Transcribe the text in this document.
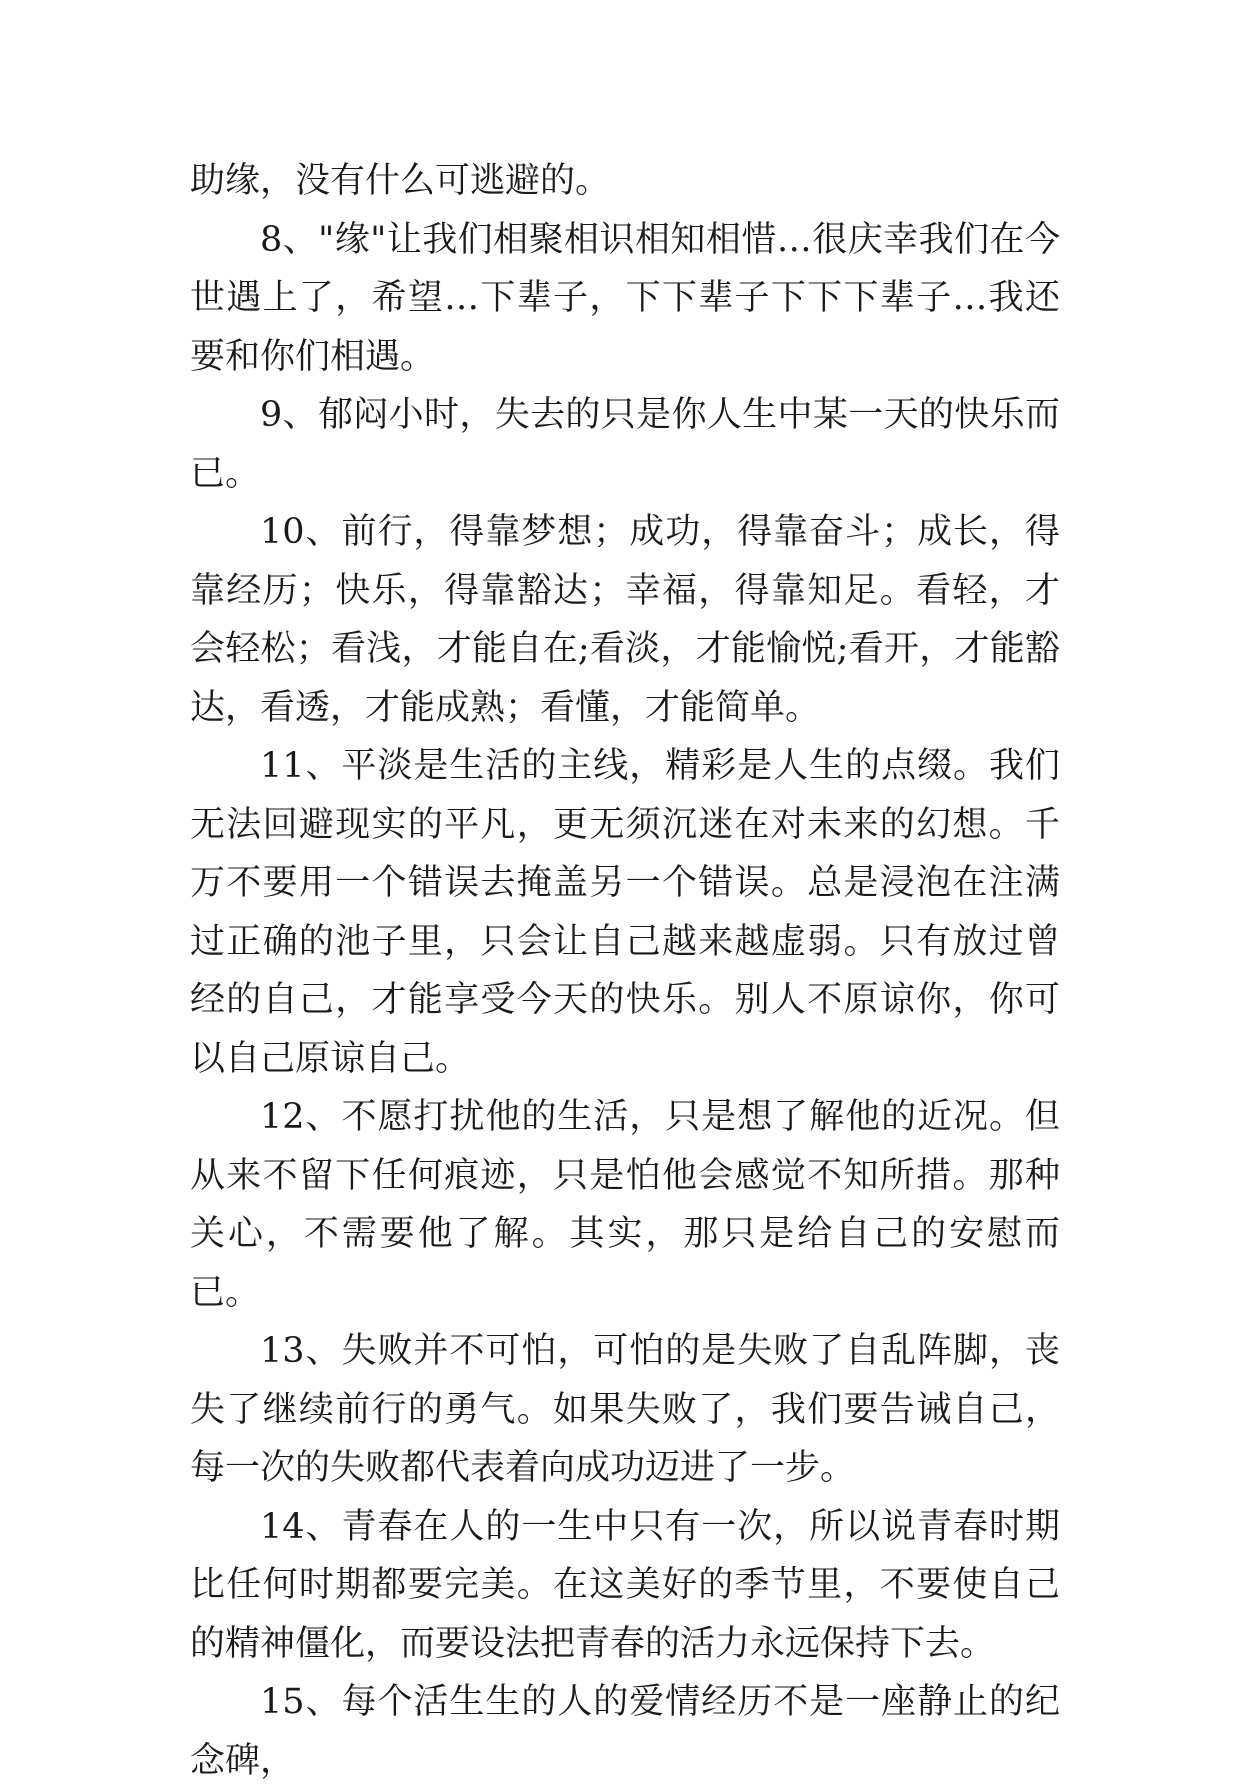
助缘，没有什么可逃避的。

8、"缘"让我们相聚相识相知相惜…很庆幸我们在今世遇上了，希望…下辈子，下下辈子下下下辈子…我还要和你们相遇。

9、郁闷小时，失去的只是你人生中某一天的快乐而已。

10、前行，得靠梦想；成功，得靠奋斗；成长，得靠经历；快乐，得靠豁达；幸福，得靠知足。看轻，才会轻松；看浅，才能自在;看淡，才能愉悦;看开，才能豁达，看透，才能成熟；看懂，才能简单。

11、平淡是生活的主线，精彩是人生的点缀。我们无法回避现实的平凡，更无须沉迷在对未来的幻想。千万不要用一个错误去掩盖另一个错误。总是浸泡在注满过正确的池子里，只会让自己越来越虚弱。只有放过曾经的自己，才能享受今天的快乐。别人不原谅你，你可以自己原谅自己。

12、不愿打扰他的生活，只是想了解他的近况。但从来不留下任何痕迹，只是怕他会感觉不知所措。那种关心，不需要他了解。其实，那只是给自己的安慰而已。

13、失败并不可怕，可怕的是失败了自乱阵脚，丧失了继续前行的勇气。如果失败了，我们要告诫自己，每一次的失败都代表着向成功迈进了一步。

14、青春在人的一生中只有一次，所以说青春时期比任何时期都要完美。在这美好的季节里，不要使自己的精神僵化，而要设法把青春的活力永远保持下去。

15、每个活生生的人的爱情经历不是一座静止的纪念碑，
